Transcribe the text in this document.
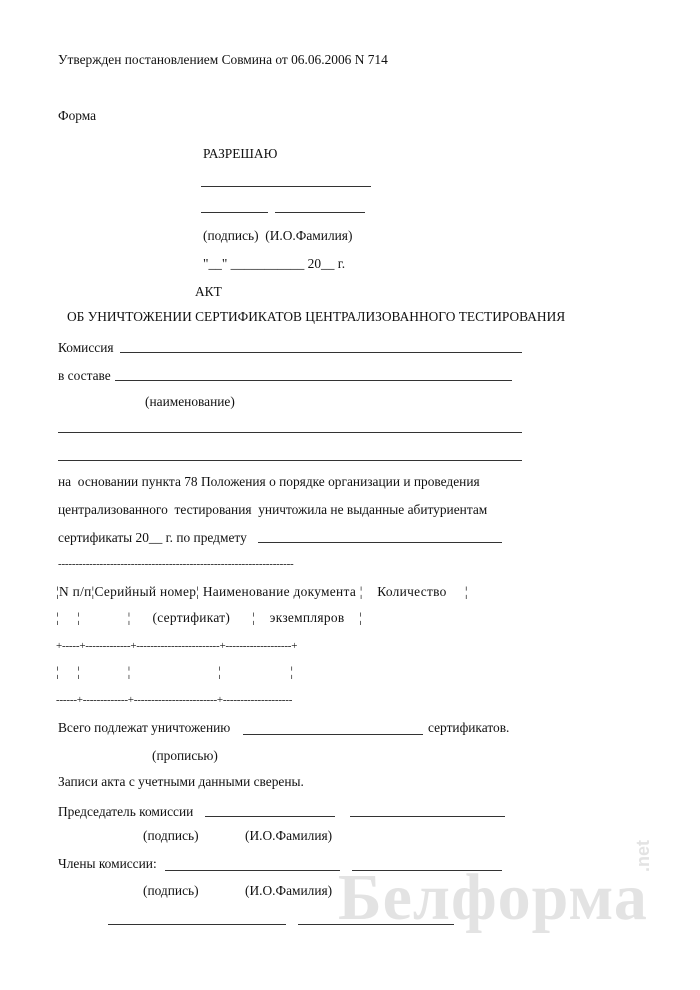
Утвержден постановлением Совмина от 06.06.2006 N 714
Форма
РАЗРЕШАЮ
(подпись)  (И.О.Фамилия)
"__" ___________ 20__ г.
АКТ
ОБ УНИЧТОЖЕНИИ СЕРТИФИКАТОВ ЦЕНТРАЛИЗОВАННОГО ТЕСТИРОВАНИЯ
Комиссия
в составе
(наименование)
на  основании пункта 78 Положения о порядке организации и проведения
централизованного  тестирования  уничтожила не выданные абитуриентам
сертификаты 20__ г. по предмету
--------------------------------------------------------------------
¦N п/п¦Серийный номер¦ Наименование документа ¦    Количество     ¦
¦     ¦             ¦      (сертификат)      ¦    экземпляров    ¦
+-----+-------------+------------------------+-------------------+
¦     ¦             ¦                        ¦                   ¦
------+-------------+------------------------+--------------------
Всего подлежат уничтожению	сертификатов.
(прописью)
Записи акта с учетными данными сверены.
Председатель комиссии
(подпись)	(И.О.Фамилия)
Члены комиссии:
(подпись)	(И.О.Фамилия) Белформа
.net
